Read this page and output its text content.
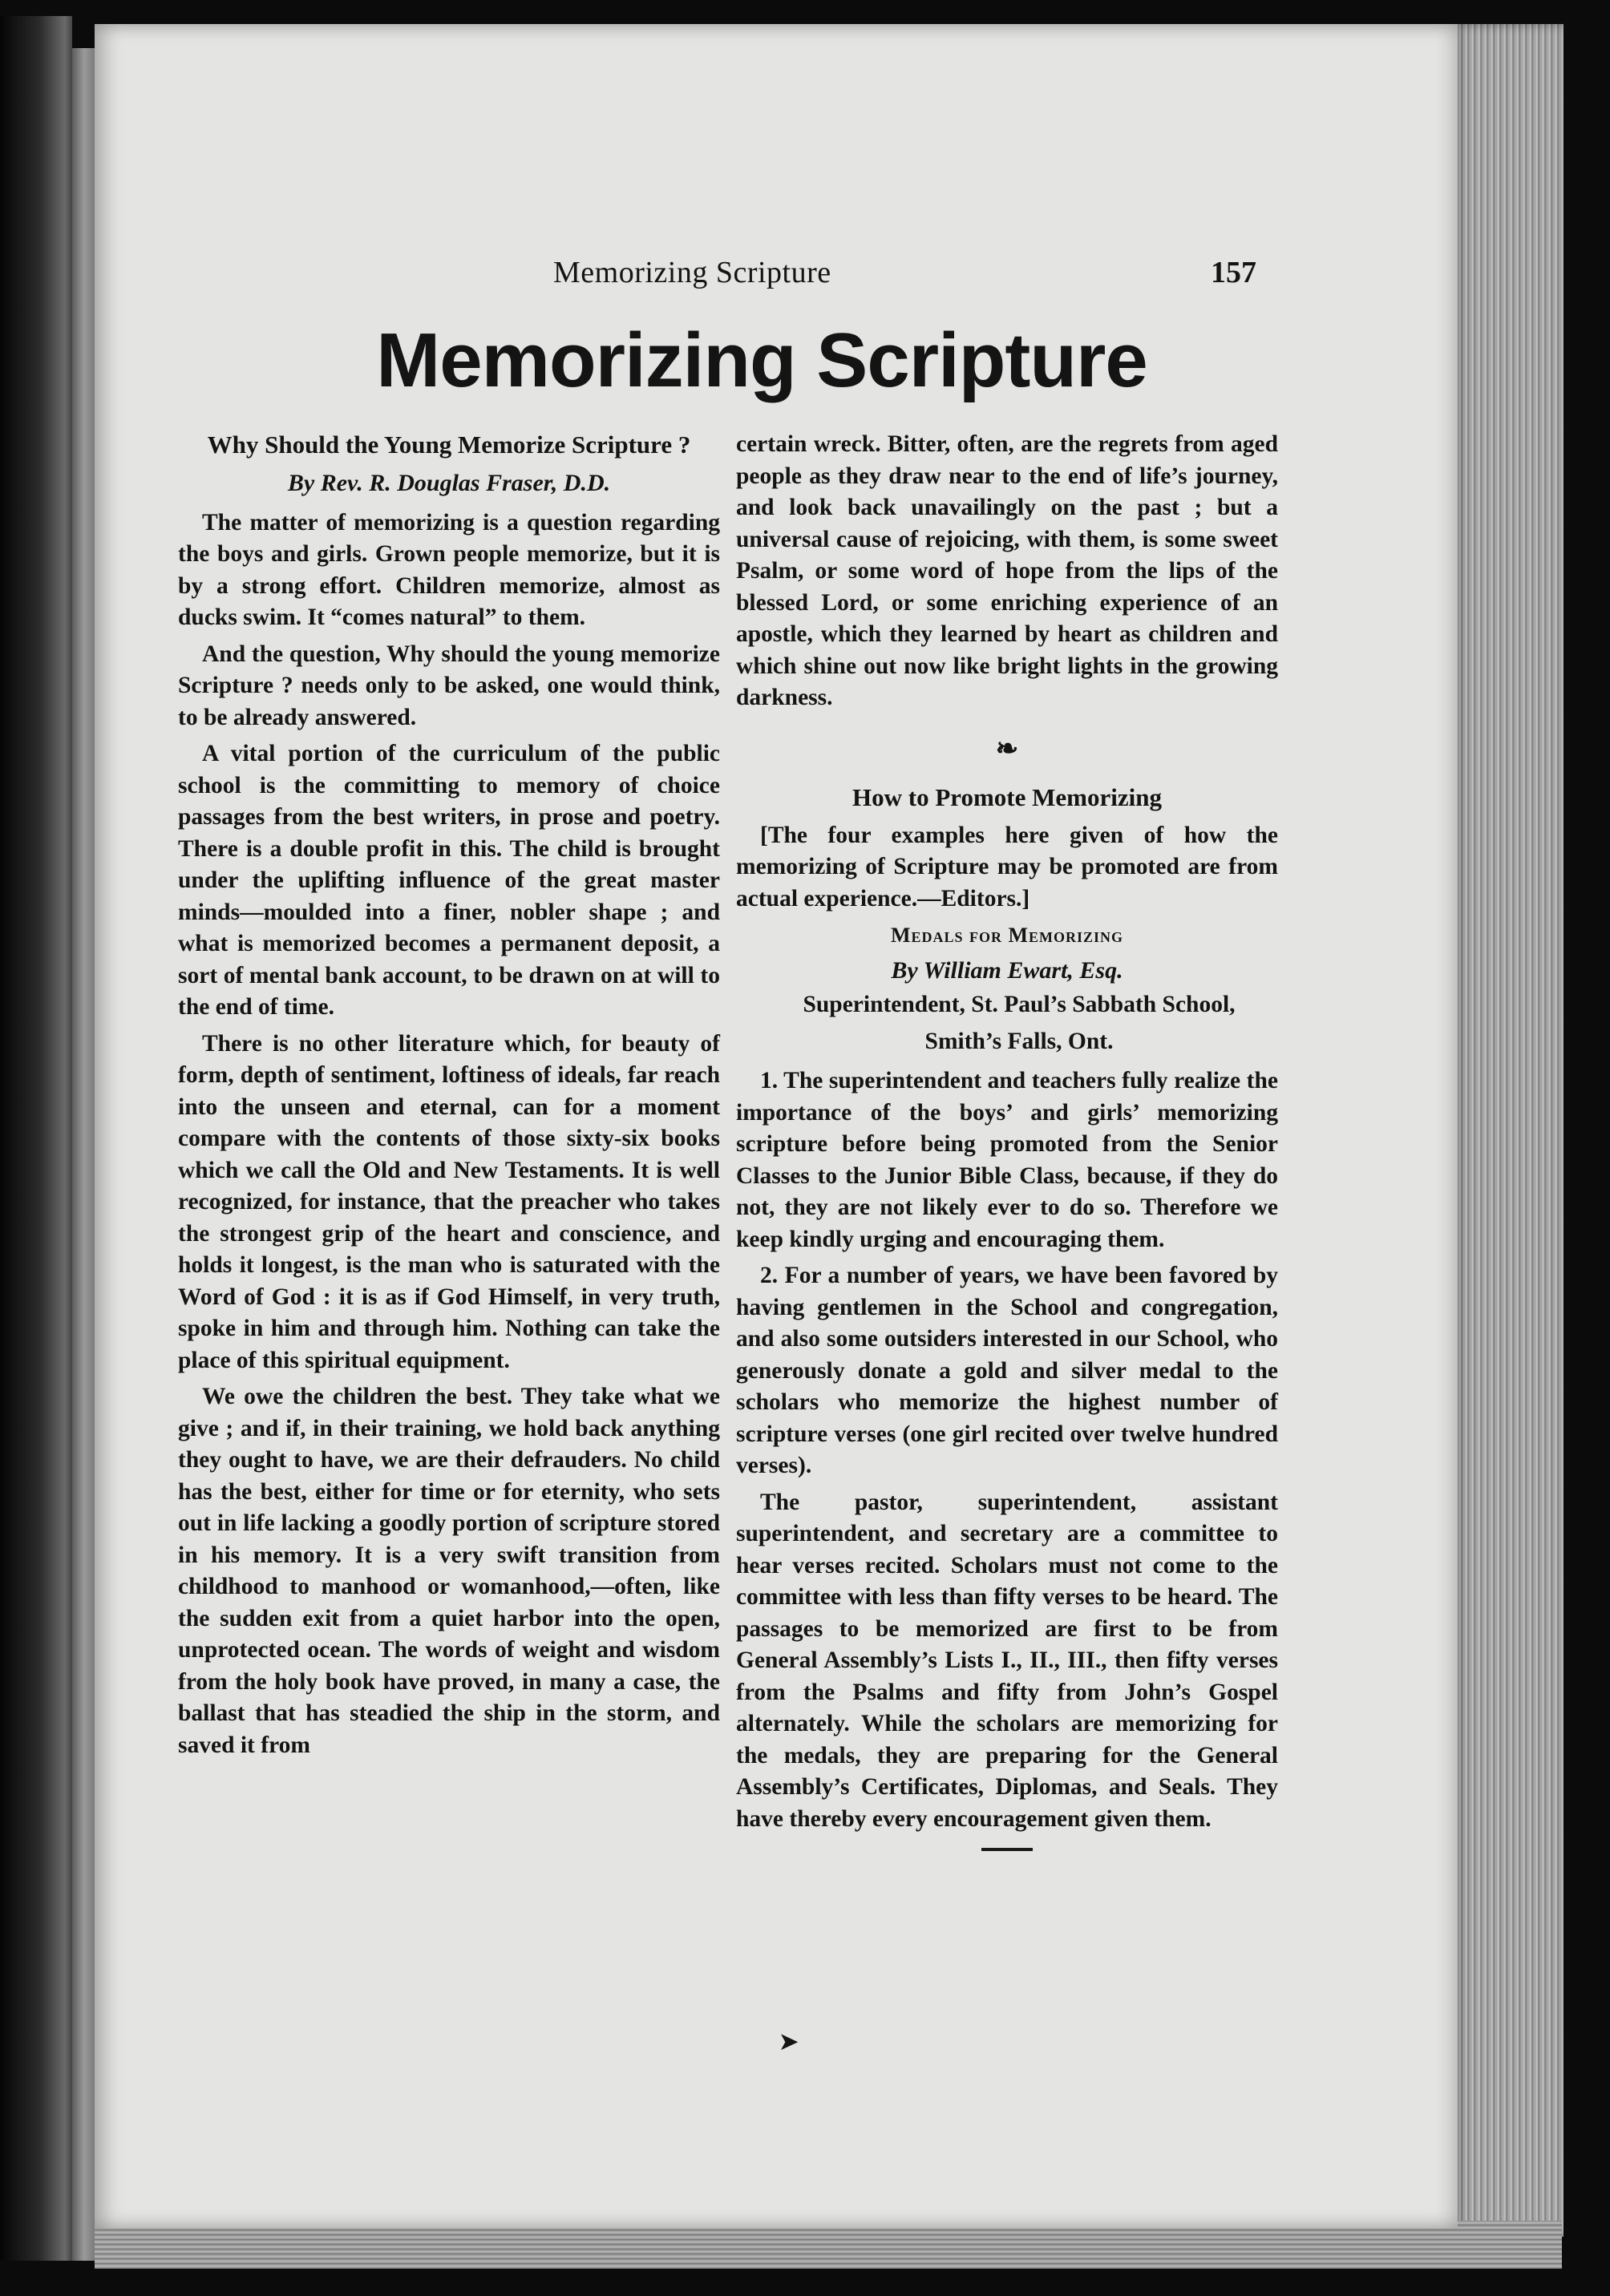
Memorizing Scripture	157
Memorizing Scripture
Why Should the Young Memorize Scripture ?
By Rev. R. Douglas Fraser, D.D.

The matter of memorizing is a question regarding the boys and girls. Grown people memorize, but it is by a strong effort. Children memorize, almost as ducks swim. It “comes natural” to them.

And the question, Why should the young memorize Scripture ? needs only to be asked, one would think, to be already answered.

A vital portion of the curriculum of the public school is the committing to memory of choice passages from the best writers, in prose and poetry. There is a double profit in this. The child is brought under the uplifting influence of the great master minds—moulded into a finer, nobler shape ; and what is memorized becomes a permanent deposit, a sort of mental bank account, to be drawn on at will to the end of time.

There is no other literature which, for beauty of form, depth of sentiment, loftiness of ideals, far reach into the unseen and eternal, can for a moment compare with the contents of those sixty-six books which we call the Old and New Testaments. It is well recognized, for instance, that the preacher who takes the strongest grip of the heart and conscience, and holds it longest, is the man who is saturated with the Word of God : it is as if God Himself, in very truth, spoke in him and through him. Nothing can take the place of this spiritual equipment.

We owe the children the best. They take what we give ; and if, in their training, we hold back anything they ought to have, we are their defrauders. No child has the best, either for time or for eternity, who sets out in life lacking a goodly portion of scripture stored in his memory. It is a very swift transition from childhood to manhood or womanhood,—often, like the sudden exit from a quiet harbor into the open, unprotected ocean. The words of weight and wisdom from the holy book have proved, in many a case, the ballast that has steadied the ship in the storm, and saved it from

certain wreck. Bitter, often, are the regrets from aged people as they draw near to the end of life’s journey, and look back unavailingly on the past ; but a universal cause of rejoicing, with them, is some sweet Psalm, or some word of hope from the lips of the blessed Lord, or some enriching experience of an apostle, which they learned by heart as children and which shine out now like bright lights in the growing darkness.

❧
How to Promote Memorizing

[The four examples here given of how the memorizing of Scripture may be promoted are from actual experience.—Editors.]

Medals for Memorizing
By William Ewart, Esq.

Superintendent, St. Paul’s Sabbath School,

Smith’s Falls, Ont.

1. The superintendent and teachers fully realize the importance of the boys’ and girls’ memorizing scripture before being promoted from the Senior Classes to the Junior Bible Class, because, if they do not, they are not likely ever to do so. Therefore we keep kindly urging and encouraging them.

2. For a number of years, we have been favored by having gentlemen in the School and congregation, and also some outsiders interested in our School, who generously donate a gold and silver medal to the scholars who memorize the highest number of scripture verses (one girl recited over twelve hundred verses).

The pastor, superintendent, assistant superintendent, and secretary are a committee to hear verses recited. Scholars must not come to the committee with less than fifty verses to be heard. The passages to be memorized are first to be from General Assembly’s Lists I., II., III., then fifty verses from the Psalms and fifty from John’s Gospel alternately. While the scholars are memorizing for the medals, they are preparing for the General Assembly’s Certificates, Diplomas, and Seals. They have thereby every encouragement given them.

➤
